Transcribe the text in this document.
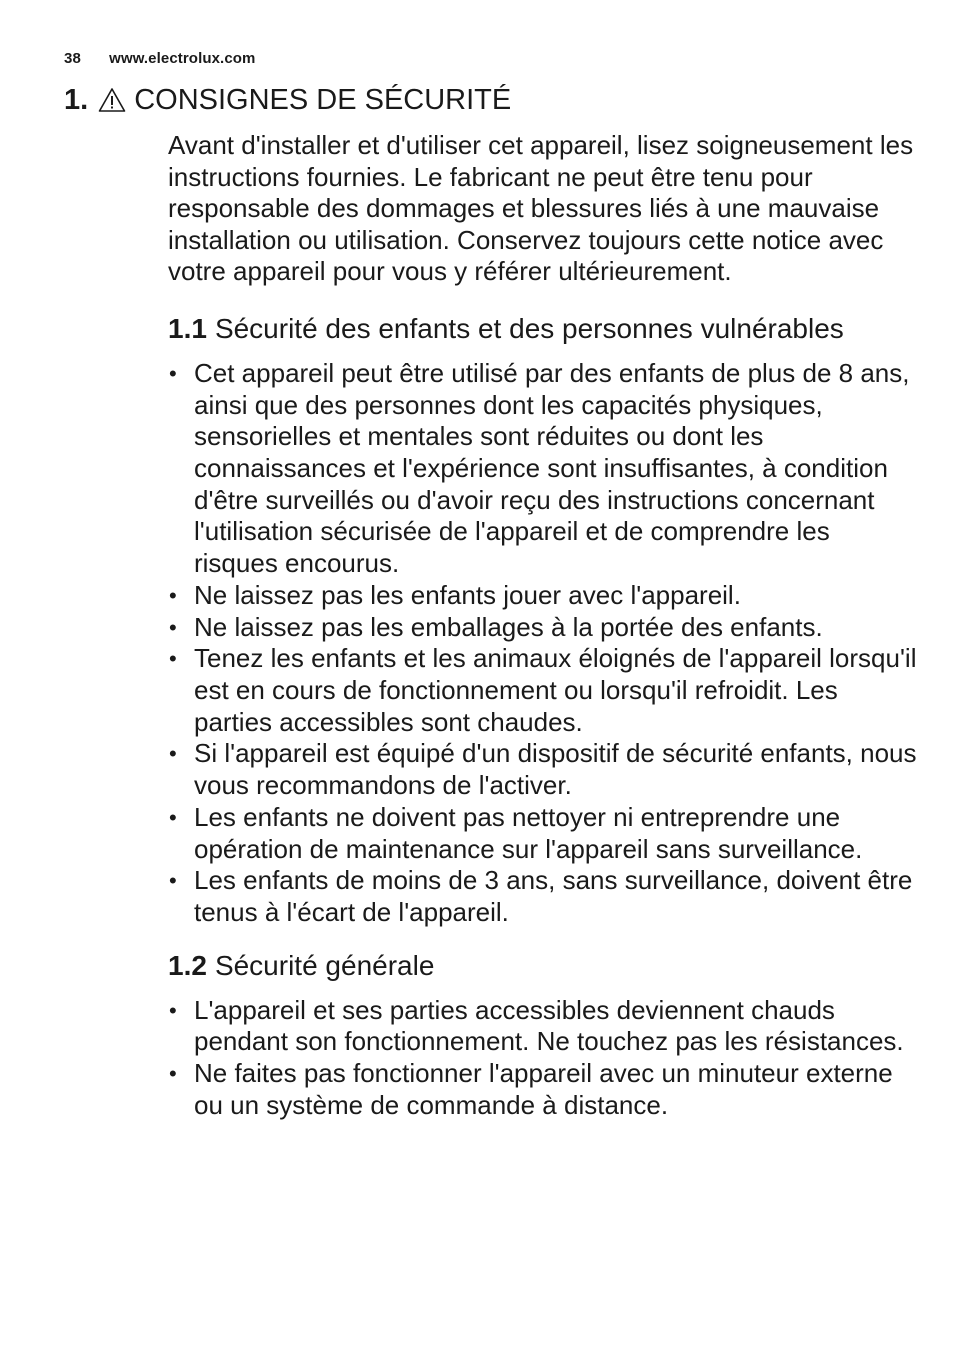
38 www.electrolux.com
1. CONSIGNES DE SÉCURITÉ

Avant d'installer et d'utiliser cet appareil, lisez soigneusement les instructions fournies. Le fabricant ne peut être tenu pour responsable des dommages et blessures liés à une mauvaise installation ou utilisation. Conservez toujours cette notice avec votre appareil pour vous y référer ultérieurement.

1.1 Sécurité des enfants et des personnes vulnérables
• Cet appareil peut être utilisé par des enfants de plus de 8 ans, ainsi que des personnes dont les capacités physiques, sensorielles et mentales sont réduites ou dont les connaissances et l'expérience sont insuffisantes, à condition d'être surveillés ou d'avoir reçu des instructions concernant l'utilisation sécurisée de l'appareil et de comprendre les risques encourus.
• Ne laissez pas les enfants jouer avec l'appareil.
• Ne laissez pas les emballages à la portée des enfants.
• Tenez les enfants et les animaux éloignés de l'appareil lorsqu'il est en cours de fonctionnement ou lorsqu'il refroidit. Les parties accessibles sont chaudes.
• Si l'appareil est équipé d'un dispositif de sécurité enfants, nous vous recommandons de l'activer.
• Les enfants ne doivent pas nettoyer ni entreprendre une opération de maintenance sur l'appareil sans surveillance.
• Les enfants de moins de 3 ans, sans surveillance, doivent être tenus à l'écart de l'appareil.
1.2 Sécurité générale
• L'appareil et ses parties accessibles deviennent chauds pendant son fonctionnement. Ne touchez pas les résistances.
• Ne faites pas fonctionner l'appareil avec un minuteur externe ou un système de commande à distance.
